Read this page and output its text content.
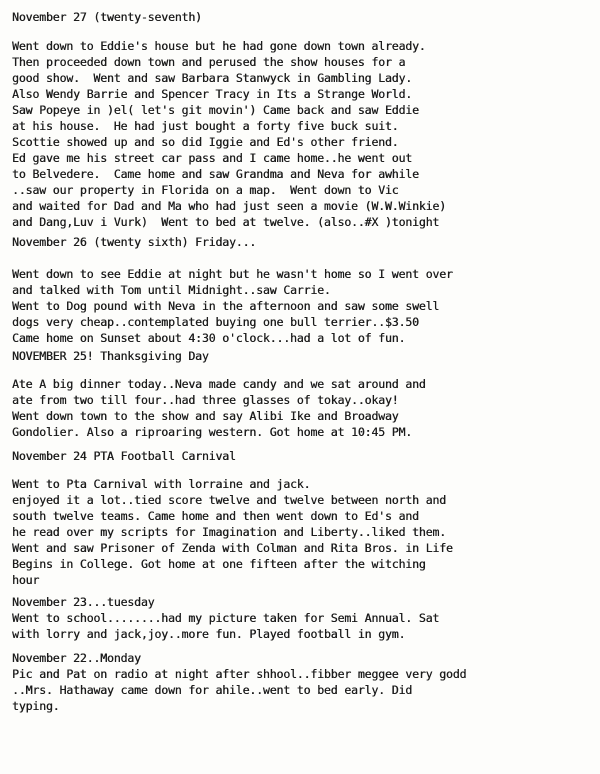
November 27 (twenty-seventh)
Went down to Eddie's house but he had gone down town already.
Then proceeded down town and perused the show houses for a
good show.  Went and saw Barbara Stanwyck in Gambling Lady.
Also Wendy Barrie and Spencer Tracy in Its a Strange World.
Saw Popeye in )el( let's git movin') Came back and saw Eddie
at his house.  He had just bought a forty five buck suit.
Scottie showed up and so did Iggie and Ed's other friend.
Ed gave me his street car pass and I came home..he went out
to Belvedere.  Came home and saw Grandma and Neva for awhile
..saw our property in Florida on a map.  Went down to Vic
and waited for Dad and Ma who had just seen a movie (W.W.Winkie)
and Dang,Luv i Vurk)  Went to bed at twelve. (also..#X )tonight
November 26 (twenty sixth) Friday...
Went down to see Eddie at night but he wasn't home so I went over
and talked with Tom until Midnight..saw Carrie.
Went to Dog pound with Neva in the afternoon and saw some swell
dogs very cheap..contemplated buying one bull terrier..$3.50
Came home on Sunset about 4:30 o'clock...had a lot of fun.
NOVEMBER 25! Thanksgiving Day
Ate A big dinner today..Neva made candy and we sat around and
ate from two till four..had three glasses of tokay..okay!
Went down town to the show and say Alibi Ike and Broadway
Gondolier. Also a riproaring western. Got home at 10:45 PM.
November 24 PTA Football Carnival
Went to Pta Carnival with lorraine and jack.
enjoyed it a lot..tied score twelve and twelve between north and
south twelve teams. Came home and then went down to Ed's and
he read over my scripts for Imagination and Liberty..liked them.
Went and saw Prisoner of Zenda with Colman and Rita Bros. in Life
Begins in College. Got home at one fifteen after the witching
hour
November 23...tuesday
Went to school........had my picture taken for Semi Annual. Sat
with lorry and jack,joy..more fun. Played football in gym.
November 22..Monday
Pic and Pat on radio at night after shhool..fibber meggee very godd
..Mrs. Hathaway came down for ahile..went to bed early. Did
typing.
